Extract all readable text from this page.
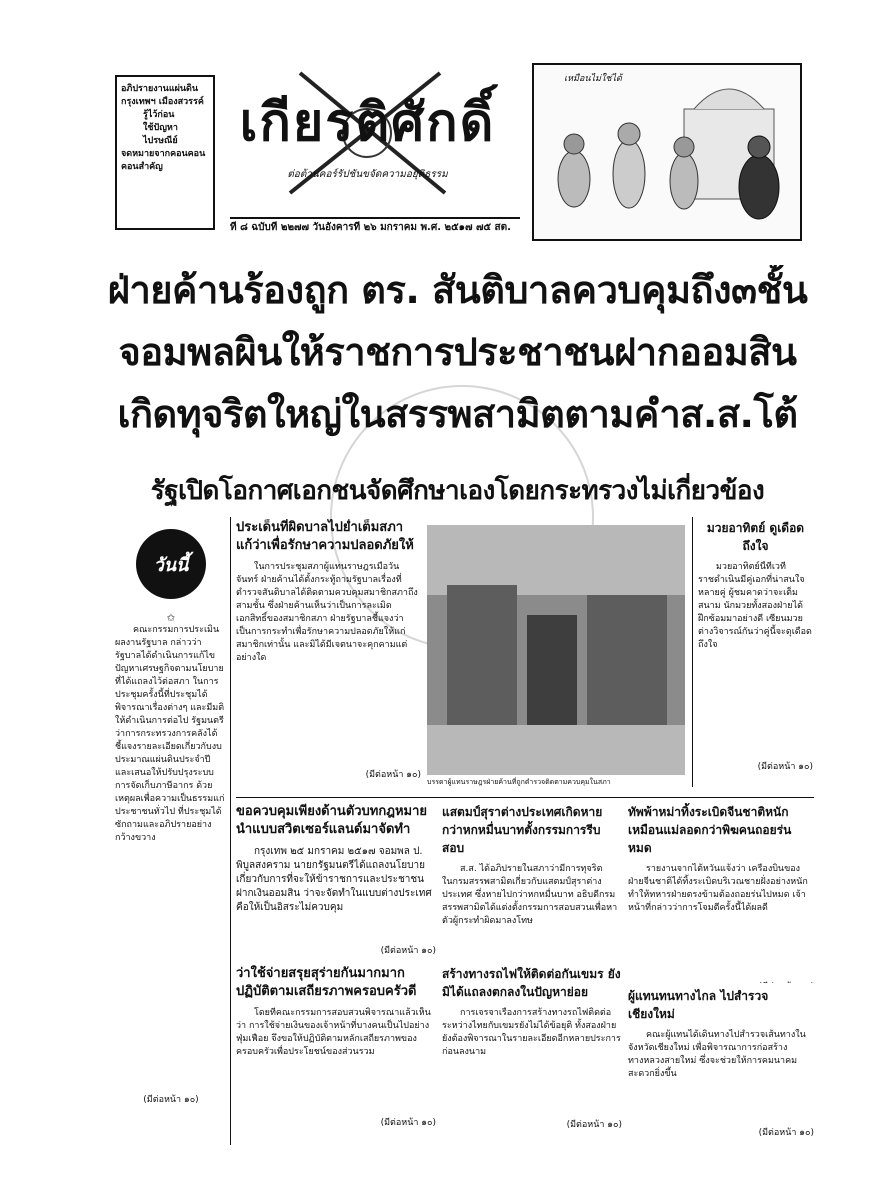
อภิปรายงานแผ่นดิน
กรุงเทพฯ เมืองสวรรค์
รู้ไว้ก่อน
ใช้ปัญหา
ไปรษณีย์
จดหมายจากคอนคอน
คอนสำคัญ
เกียรติศักดิ์
ต่อต้านคอร์รัปชันขจัดความอยุติธรรม
ที่ ๘ ฉบับที่ ๒๒๗๗ วันอังคารที่ ๒๖ มกราคม พ.ศ. ๒๕๑๗ ๗๕ สต.
เหมือนไม่ใช่ได้
ฝ่ายค้านร้องถูก ตร. สันติบาลควบคุมถึง๓ชั้น
จอมพลผินให้ราชการประชาชนฝากออมสิน
เกิดทุจริตใหญ่ในสรรพสามิตตามคำส.ส.โต้
รัฐเปิดโอกาศเอกชนจัดศึกษาเองโดยกระทรวงไม่เกี่ยวข้อง
วันนี้
✩

คณะกรรมการประเมินผลงานรัฐบาล กล่าวว่ารัฐบาลได้ดำเนินการแก้ไขปัญหาเศรษฐกิจตามนโยบายที่ได้แถลงไว้ต่อสภา ในการประชุมครั้งนี้ที่ประชุมได้พิจารณาเรื่องต่างๆ และมีมติให้ดำเนินการต่อไป รัฐมนตรีว่าการกระทรวงการคลังได้ชี้แจงรายละเอียดเกี่ยวกับงบประมาณแผ่นดินประจำปี และเสนอให้ปรับปรุงระบบการจัดเก็บภาษีอากร ด้วยเหตุผลเพื่อความเป็นธรรมแก่ประชาชนทั่วไป ที่ประชุมได้ซักถามและอภิปรายอย่างกว้างขวาง

(มีต่อหน้า ๑๐)
ประเด็นที่ผิดบาลไปย่ำเต็มสภา แก้ว่าเพื่อรักษาความปลอดภัยให้

ในการประชุมสภาผู้แทนราษฎรเมื่อวันจันทร์ ฝ่ายค้านได้ตั้งกระทู้ถามรัฐบาลเรื่องที่ตำรวจสันติบาลได้ติดตามควบคุมสมาชิกสภาถึงสามชั้น ซึ่งฝ่ายค้านเห็นว่าเป็นการละเมิดเอกสิทธิ์ของสมาชิกสภา ฝ่ายรัฐบาลชี้แจงว่าเป็นการกระทำเพื่อรักษาความปลอดภัยให้แก่สมาชิกเท่านั้น และมิได้มีเจตนาจะคุกคามแต่อย่างใด

(มีต่อหน้า ๑๐)
บรรดาผู้แทนราษฎรฝ่ายค้านที่ถูกตำรวจติดตามควบคุมในสภา
มวยอาทิตย์ ดูเดือดถึงใจ

มวยอาทิตย์นี้ที่เวทีราชดำเนินมีคู่เอกที่น่าสนใจหลายคู่ ผู้ชมคาดว่าจะเต็มสนาม นักมวยทั้งสองฝ่ายได้ฝึกซ้อมมาอย่างดี เซียนมวยต่างวิจารณ์กันว่าคู่นี้จะดุเดือดถึงใจ

(มีต่อหน้า ๑๐)
ขอควบคุมเพียงด้านตัวบทกฎหมาย นำแบบสวิตเซอร์แลนด์มาจัดทำ

กรุงเทพ ๒๕ มกราคม ๒๕๑๗ จอมพล ป. พิบูลสงคราม นายกรัฐมนตรีได้แถลงนโยบายเกี่ยวกับการที่จะให้ข้าราชการและประชาชนฝากเงินออมสิน ว่าจะจัดทำในแบบต่างประเทศคือให้เป็นอิสระไม่ควบคุม

(มีต่อหน้า ๑๐)
แสตมป์สุราต่างประเทศเกิดหาย กว่าหกหมื่นบาทตั้งกรรมการรีบสอบ

ส.ส. ได้อภิปรายในสภาว่ามีการทุจริตในกรมสรรพสามิตเกี่ยวกับแสตมป์สุราต่างประเทศ ซึ่งหายไปกว่าหกหมื่นบาท อธิบดีกรมสรรพสามิตได้แต่งตั้งกรรมการสอบสวนเพื่อหาตัวผู้กระทำผิดมาลงโทษ

ทัพพ้าหม่าทิ้งระเบิดจีนชาติหนัก เหมือนแม่ลอดกว่าพิฆคนถอยร่นหมด

รายงานจากไต้หวันแจ้งว่า เครื่องบินของฝ่ายจีนชาติได้ทิ้งระเบิดบริเวณชายฝั่งอย่างหนัก ทำให้ทหารฝ่ายตรงข้ามต้องถอยร่นไปหมด เจ้าหน้าที่กล่าวว่าการโจมตีครั้งนี้ได้ผลดี

ว่าใช้จ่ายสรุยสุร่ายกันมากมาก ปฏิบัติตามเสถียรภาพครอบครัวดี

โดยที่คณะกรรมการสอบสวนพิจารณาแล้วเห็นว่า การใช้จ่ายเงินของเจ้าหน้าที่บางคนเป็นไปอย่างฟุ่มเฟือย จึงขอให้ปฏิบัติตามหลักเสถียรภาพของครอบครัวเพื่อประโยชน์ของส่วนรวม

(มีต่อหน้า ๑๐)
สร้างทางรถไฟให้ติดต่อกันเขมร ยังมิได้แถลงตกลงในปัญหาย่อย

การเจรจาเรื่องการสร้างทางรถไฟติดต่อระหว่างไทยกับเขมรยังไม่ได้ข้อยุติ ทั้งสองฝ่ายยังต้องพิจารณาในรายละเอียดอีกหลายประการก่อนลงนาม

(มีต่อหน้า ๑๐)
ผู้แทนทนทางไกล ไปสำรวจเชียงใหม่

คณะผู้แทนได้เดินทางไปสำรวจเส้นทางในจังหวัดเชียงใหม่ เพื่อพิจารณาการก่อสร้างทางหลวงสายใหม่ ซึ่งจะช่วยให้การคมนาคมสะดวกยิ่งขึ้น

(มีต่อหน้า ๑๐)
